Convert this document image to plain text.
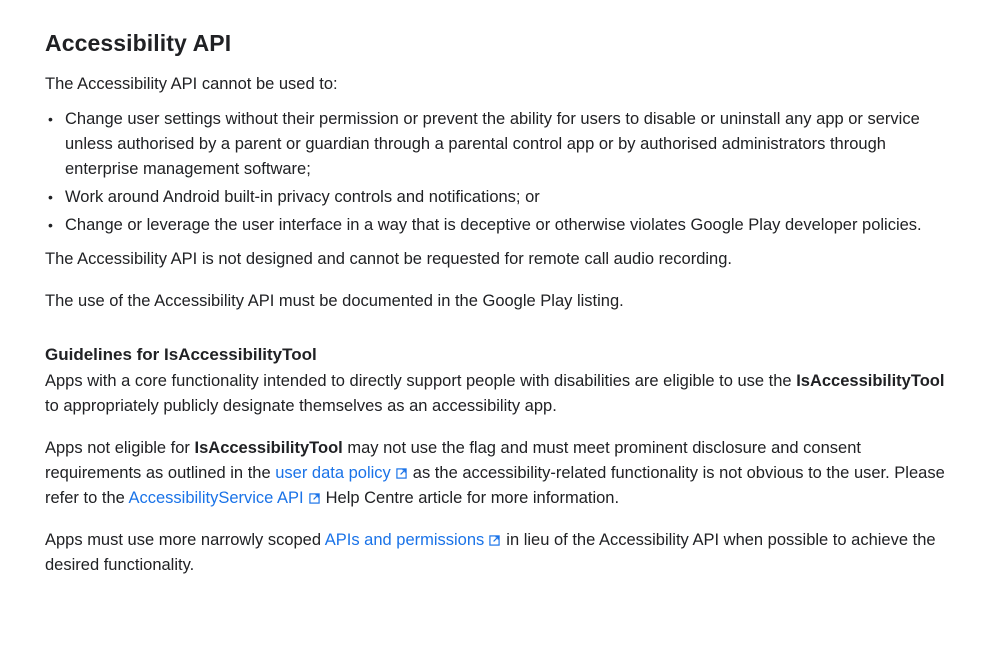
Accessibility API

The Accessibility API cannot be used to:

• Change user settings without their permission or prevent the ability for users to disable or uninstall any app or service unless authorised by a parent or guardian through a parental control app or by authorised administrators through enterprise management software;
• Work around Android built-in privacy controls and notifications; or
• Change or leverage the user interface in a way that is deceptive or otherwise violates Google Play developer policies.

The Accessibility API is not designed and cannot be requested for remote call audio recording.

The use of the Accessibility API must be documented in the Google Play listing.

Guidelines for IsAccessibilityTool

Apps with a core functionality intended to directly support people with disabilities are eligible to use the IsAccessibilityTool to appropriately publicly designate themselves as an accessibility app.

Apps not eligible for IsAccessibilityTool may not use the flag and must meet prominent disclosure and consent requirements as outlined in the user data policy as the accessibility-related functionality is not obvious to the user. Please refer to the AccessibilityService API Help Centre article for more information.

Apps must use more narrowly scoped APIs and permissions in lieu of the Accessibility API when possible to achieve the desired functionality.
